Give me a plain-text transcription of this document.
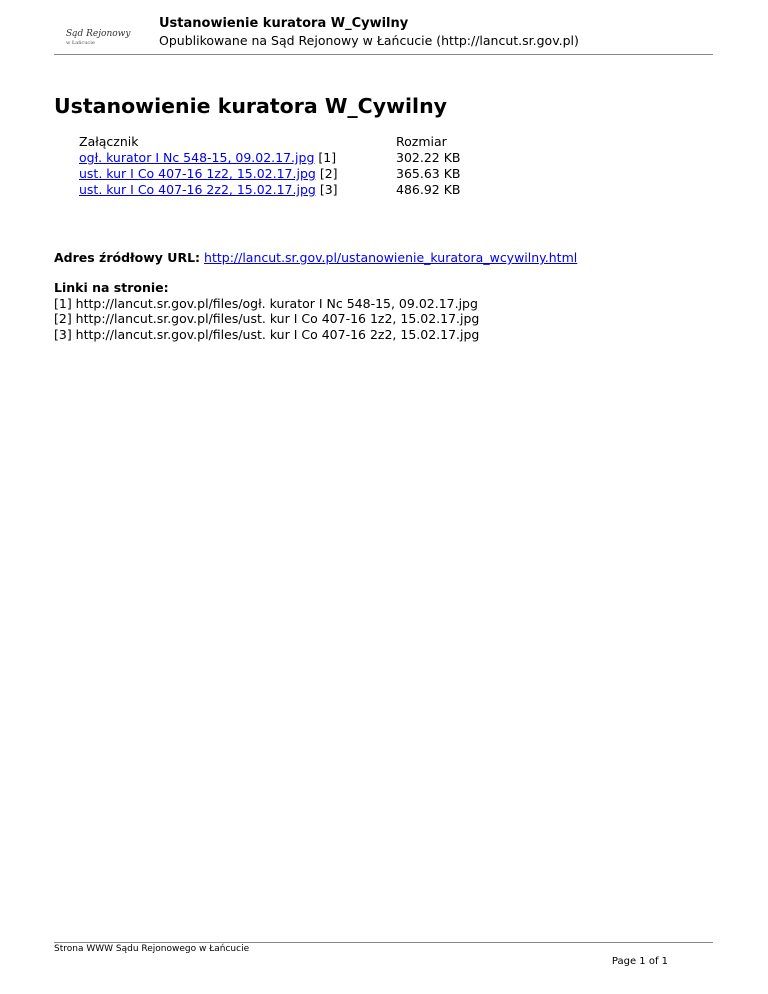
Sąd Rejonowy
w Łańcucie
Ustanowienie kuratora W_Cywilny
Opublikowane na Sąd Rejonowy w Łańcucie (http://lancut.sr.gov.pl)
Ustanowienie kuratora W_Cywilny
Załącznik
ogł. kurator I Nc 548-15, 09.02.17.jpg [1]
ust. kur I Co 407-16 1z2, 15.02.17.jpg [2]
ust. kur I Co 407-16 2z2, 15.02.17.jpg [3]
Rozmiar
302.22 KB
365.63 KB
486.92 KB
Adres źródłowy URL: http://lancut.sr.gov.pl/ustanowienie_kuratora_wcywilny.html
Linki na stronie:
[1] http://lancut.sr.gov.pl/files/ogł. kurator I Nc 548-15, 09.02.17.jpg
[2] http://lancut.sr.gov.pl/files/ust. kur I Co 407-16 1z2, 15.02.17.jpg
[3] http://lancut.sr.gov.pl/files/ust. kur I Co 407-16 2z2, 15.02.17.jpg
Strona WWW Sądu Rejonowego w Łańcucie
Page 1 of 1
